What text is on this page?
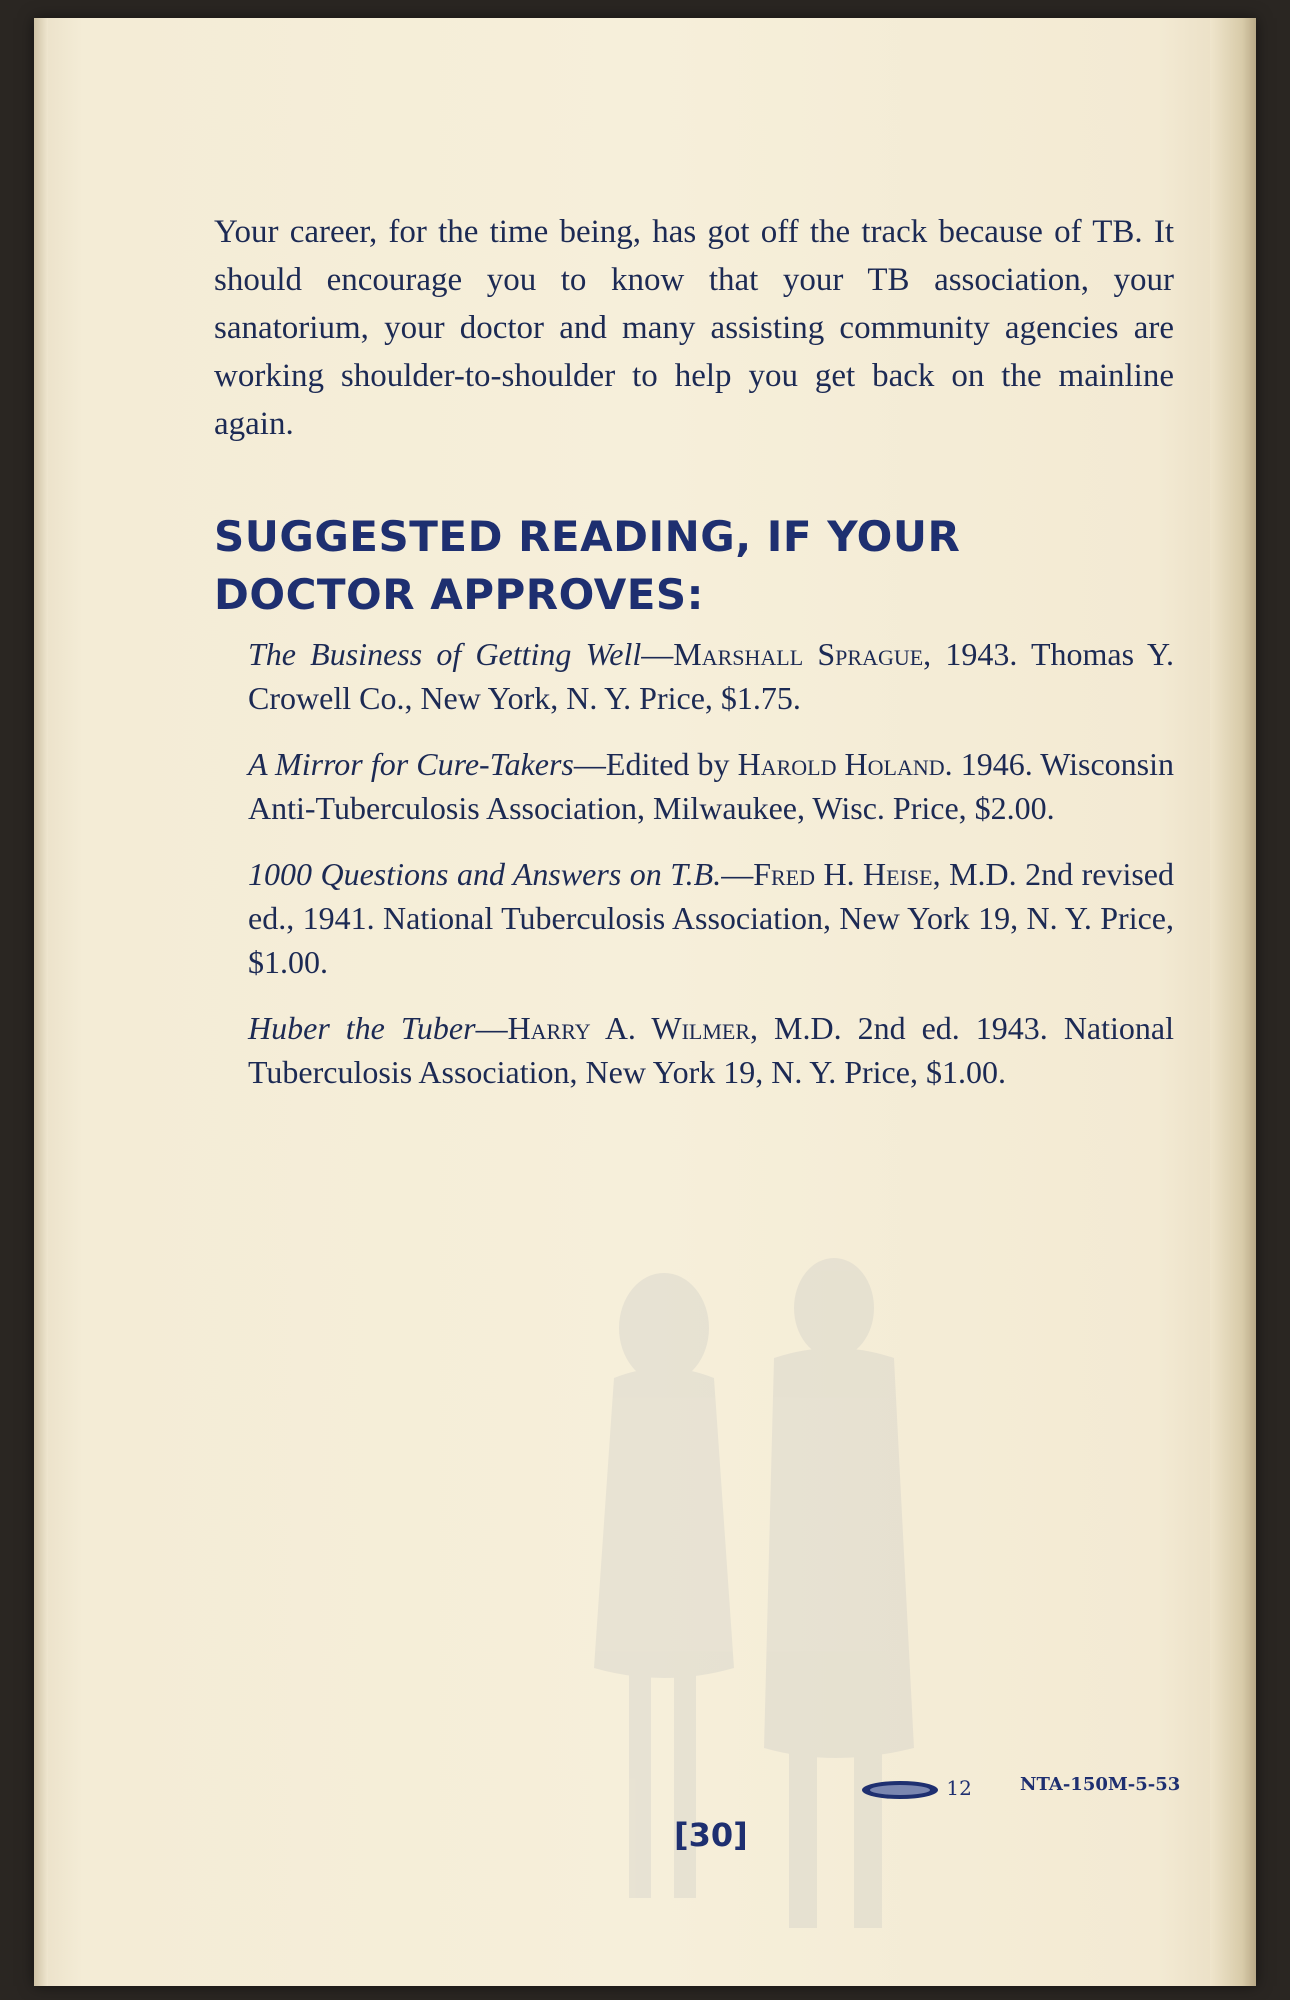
Your career, for the time being, has got off the track because of TB. It should encourage you to know that your TB association, your sanatorium, your doctor and many assisting community agencies are working shoulder-to-shoulder to help you get back on the mainline again.

SUGGESTED READING, IF YOUR
DOCTOR APPROVES:

The Business of Getting Well—Marshall Sprague, 1943. Thomas Y. Crowell Co., New York, N. Y. Price, $1.75.

A Mirror for Cure-Takers—Edited by Harold Holand. 1946. Wisconsin Anti-Tuberculosis Association, Milwaukee, Wisc. Price, $2.00.

1000 Questions and Answers on T.B.—Fred H. Heise, M.D. 2nd revised ed., 1941. National Tuberculosis Association, New York 19, N. Y. Price, $1.00.

Huber the Tuber—Harry A. Wilmer, M.D. 2nd ed. 1943. National Tuberculosis Association, New York 19, N. Y. Price, $1.00.

12	NTA-150M-5-53
[30]
